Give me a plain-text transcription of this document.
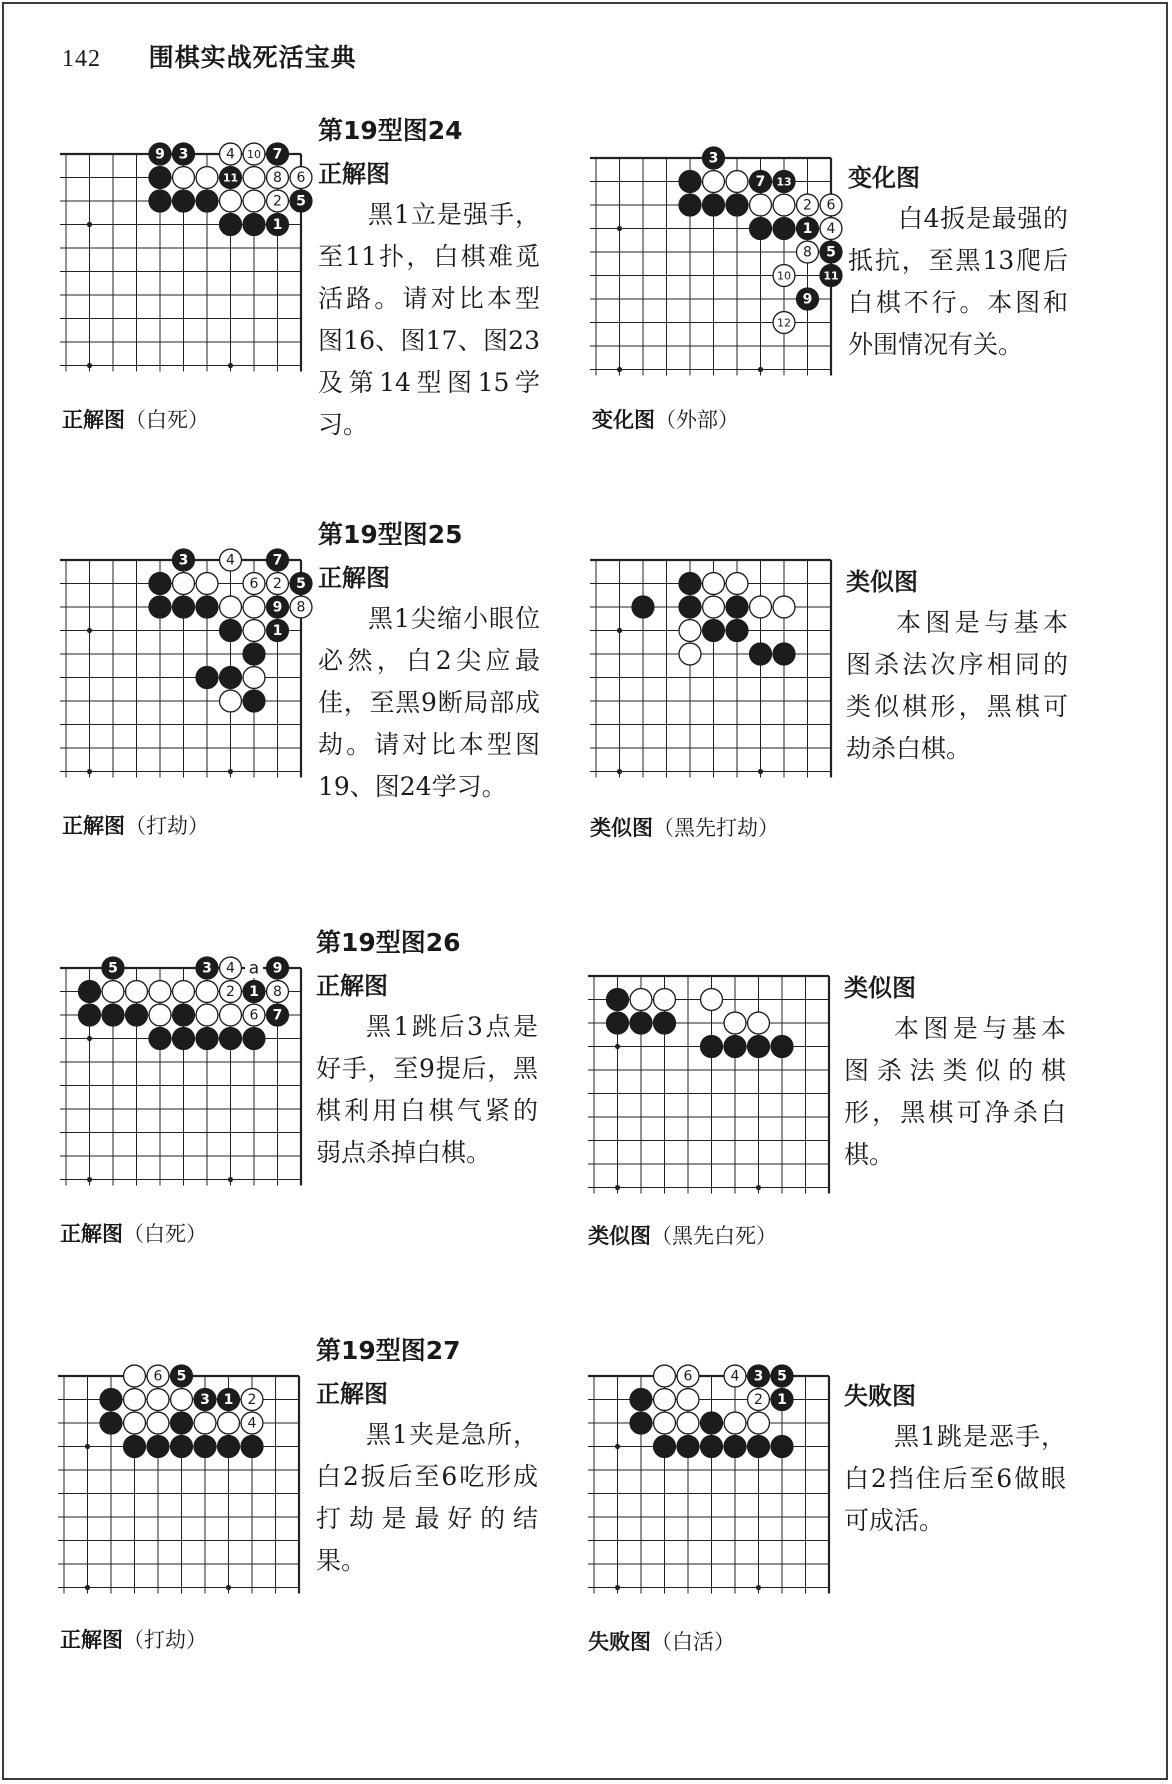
142 围棋实战死活宝典
9 3	4 10 7
11 8 6
2 5
1
正解图（白死）
第19型图24
正解图

黑1立是强手，至11扑，白棋难觅活路。请对比本型图16、图17、图23及第14型图15学习。

3
7 13
2 6
1 4
8 5
10	11
9
12
变化图（外部）
变化图

白4扳是最强的抵抗，至黑13爬后白棋不行。本图和外围情况有关。

3	4	7
6 2 5
9 8
1
正解图（打劫）
第19型图25
正解图

黑1尖缩小眼位必然，白2尖应最佳，至黑9断局部成劫。请对比本型图19、图24学习。

类似图（黑先打劫）
类似图

本图是与基本图杀法次序相同的类似棋形，黑棋可劫杀白棋。

5	3 4 a 9
2 1 8
6 7
正解图（白死）
第19型图26
正解图

黑1跳后3点是好手，至9提后，黑棋利用白棋气紧的弱点杀掉白棋。

类似图（黑先白死）
类似图

本图是与基本图杀法类似的棋形，黑棋可净杀白棋。

6 5
3 1 2
4
正解图（打劫）
第19型图27
正解图

黑1夹是急所，白2扳后至6吃形成打劫是最好的结果。

6	4 3 5
2 1
失败图（白活）
失败图

黑1跳是恶手，白2挡住后至6做眼可成活。
